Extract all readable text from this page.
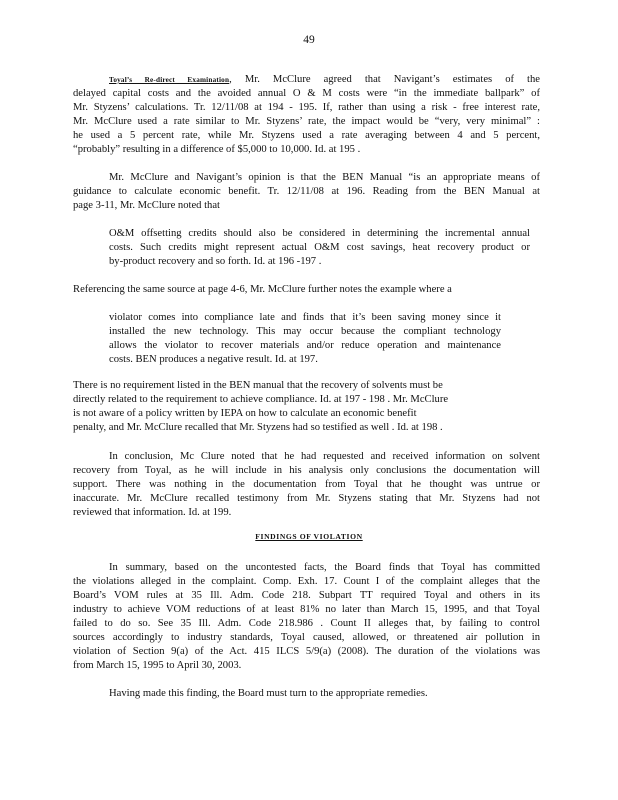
49
Toyal’s Re-direct Examination, Mr. McClure agreed that Navigant’s estimates of the
delayed capital costs and the avoided annual O & M costs were “in the immediate ballpark” of
Mr. Styzens’ calculations. Tr. 12/11/08 at 194 - 195. If, rather than using a risk - free interest rate,
Mr. McClure used a rate similar to Mr. Styzens’ rate, the impact would be “very, very minimal” :
he used a 5 percent rate, while Mr. Styzens used a rate averaging between 4 and 5 percent,
“probably” resulting in a difference of $5,000 to 10,000. Id. at 195 .
Mr. McClure and Navigant’s opinion is that the BEN Manual “is an appropriate means of
guidance to calculate economic benefit. Tr. 12/11/08 at 196. Reading from the BEN Manual at
page 3-11, Mr. McClure noted that
O&M offsetting credits should also be considered in determining the incremental annual
costs. Such credits might represent actual O&M cost savings, heat recovery product or
by-product recovery and so forth. Id. at 196 -197 .
Referencing the same source at page 4-6, Mr. McClure further notes the example where a
violator comes into compliance late and finds that it’s been saving money since it
installed the new technology. This may occur because the compliant technology
allows the violator to recover materials and/or reduce operation and maintenance
costs. BEN produces a negative result. Id. at 197.
There is no requirement listed in the BEN manual that the recovery of solvents must be
directly related to the requirement to achieve compliance. Id. at 197 - 198 . Mr. McClure
is not aware of a policy written by IEPA on how to calculate an economic benefit
penalty, and Mr. McClure recalled that Mr. Styzens had so testified as well . Id. at 198 .
In conclusion, Mc Clure noted that he had requested and received information on solvent
recovery from Toyal, as he will include in his analysis only conclusions the documentation will
support. There was nothing in the documentation from Toyal that he thought was untrue or
inaccurate. Mr. McClure recalled testimony from Mr. Styzens stating that Mr. Styzens had not
reviewed that information. Id. at 199.
FINDINGS OF VIOLATION
In summary, based on the uncontested facts, the Board finds that Toyal has committed
the violations alleged in the complaint. Comp. Exh. 17. Count I of the complaint alleges that the
Board’s VOM rules at 35 Ill. Adm. Code 218. Subpart TT required Toyal and others in its
industry to achieve VOM reductions of at least 81% no later than March 15, 1995, and that Toyal
failed to do so. See 35 Ill. Adm. Code 218.986 . Count II alleges that, by failing to control
sources accordingly to industry standards, Toyal caused, allowed, or threatened air pollution in
violation of Section 9(a) of the Act. 415 ILCS 5/9(a) (2008). The duration of the violations was
from March 15, 1995 to April 30, 2003.
Having made this finding, the Board must turn to the appropriate remedies.
